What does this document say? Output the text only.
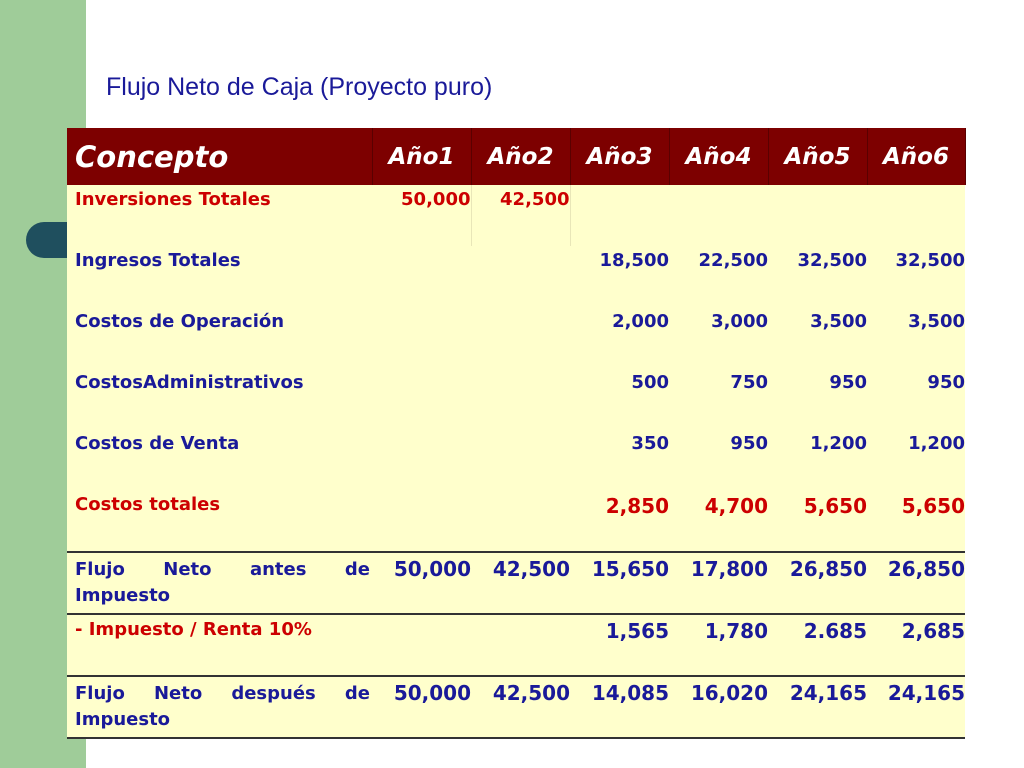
Flujo Neto de Caja (Proyecto puro)
Concepto	Año1	Año2	Año3	Año4	Año5	Año6
Inversiones Totales	50,000	42,500				
Ingresos Totales			18,500	22,500	32,500	32,500
Costos de Operación			2,000	3,000	3,500	3,500
CostosAdministrativos			500	750	950	950
Costos de Venta			350	950	1,200	1,200
Costos totales			2,850	4,700	5,650	5,650
Flujo Neto antes de Impuesto	50,000	42,500	15,650	17,800	26,850	26,850
- Impuesto / Renta 10%			1,565	1,780	2.685	2,685
Flujo Neto después de Impuesto	50,000	42,500	14,085	16,020	24,165	24,165
